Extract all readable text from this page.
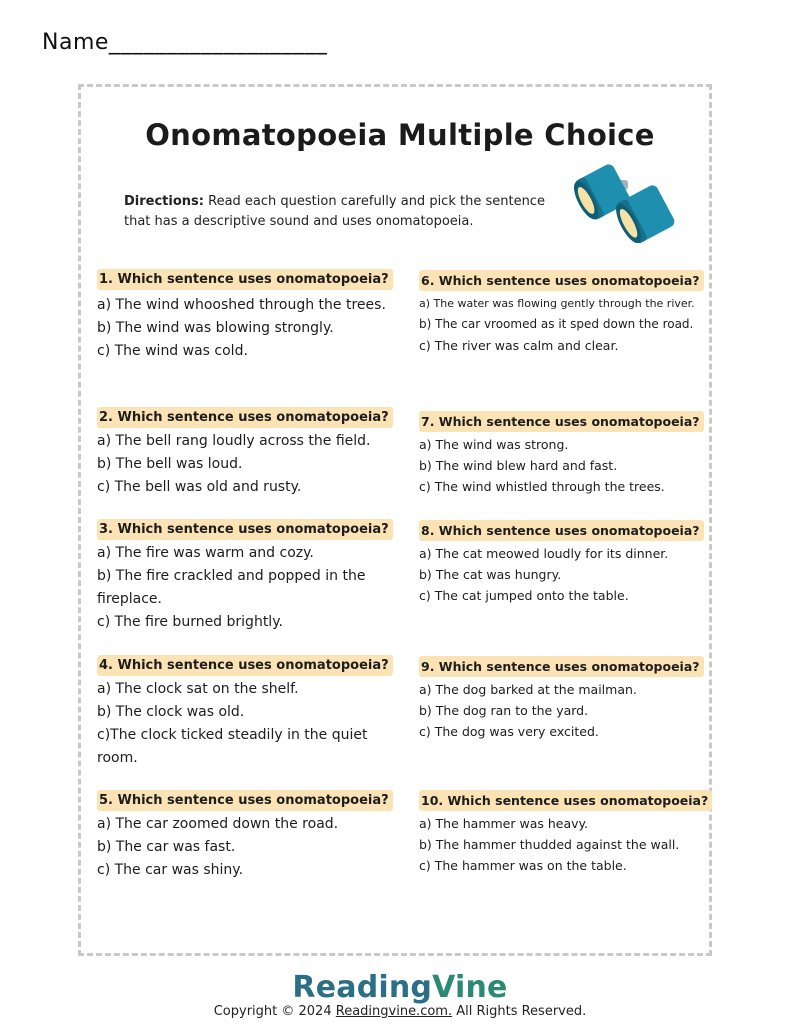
Name___________________
Onomatopoeia Multiple Choice
Directions: Read each question carefully and pick the sentence that has a descriptive sound and uses onomatopoeia.
1. Which sentence uses onomatopoeia?
a) The wind whooshed through the trees.
b) The wind was blowing strongly.
c) The wind was cold.
2. Which sentence uses onomatopoeia?
a) The bell rang loudly across the field.
b) The bell was loud.
c) The bell was old and rusty.
3. Which sentence uses onomatopoeia?
a) The fire was warm and cozy.
b) The fire crackled and popped in the fireplace.
c) The fire burned brightly.
4. Which sentence uses onomatopoeia?
a) The clock sat on the shelf.
b) The clock was old.
c)The clock ticked steadily in the quiet room.
5. Which sentence uses onomatopoeia?
a) The car zoomed down the road.
b) The car was fast.
c) The car was shiny.
6. Which sentence uses onomatopoeia?
a) The water was flowing gently through the river.
b) The car vroomed as it sped down the road.
c) The river was calm and clear.
7. Which sentence uses onomatopoeia?
a) The wind was strong.
b) The wind blew hard and fast.
c) The wind whistled through the trees.
8. Which sentence uses onomatopoeia?
a) The cat meowed loudly for its dinner.
b) The cat was hungry.
c) The cat jumped onto the table.
9. Which sentence uses onomatopoeia?
a) The dog barked at the mailman.
b) The dog ran to the yard.
c) The dog was very excited.
10. Which sentence uses onomatopoeia?
a) The hammer was heavy.
b) The hammer thudded against the wall.
c) The hammer was on the table.
ReadingVine
Copyright © 2024 Readingvine.com. All Rights Reserved.
